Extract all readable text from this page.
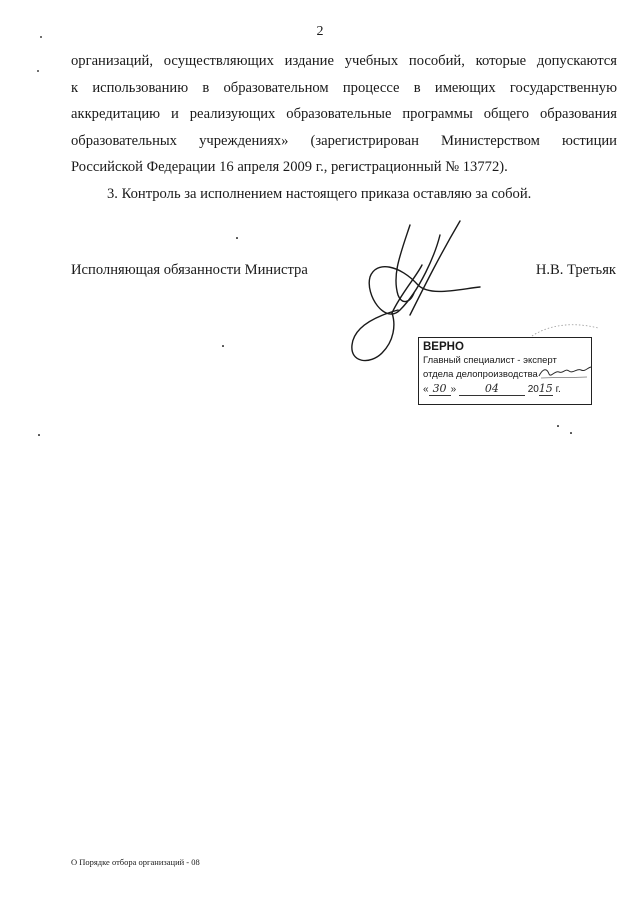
2
организаций, осуществляющих издание учебных пособий, которые допускаются
к использованию в образовательном процессе в имеющих государственную
аккредитацию и реализующих образовательные программы общего образования
образовательных учреждениях» (зарегистрирован Министерством юстиции
Российской Федерации 16 апреля 2009 г., регистрационный № 13772).
3. Контроль за исполнением настоящего приказа оставляю за собой.
Исполняющая обязанности Министра	Н.В. Третьяк
ВЕРНО
Главный специалист - эксперт
отдела делопроизводства
« 30 »	04	2015 г.
О Порядке отбора организаций - 08
